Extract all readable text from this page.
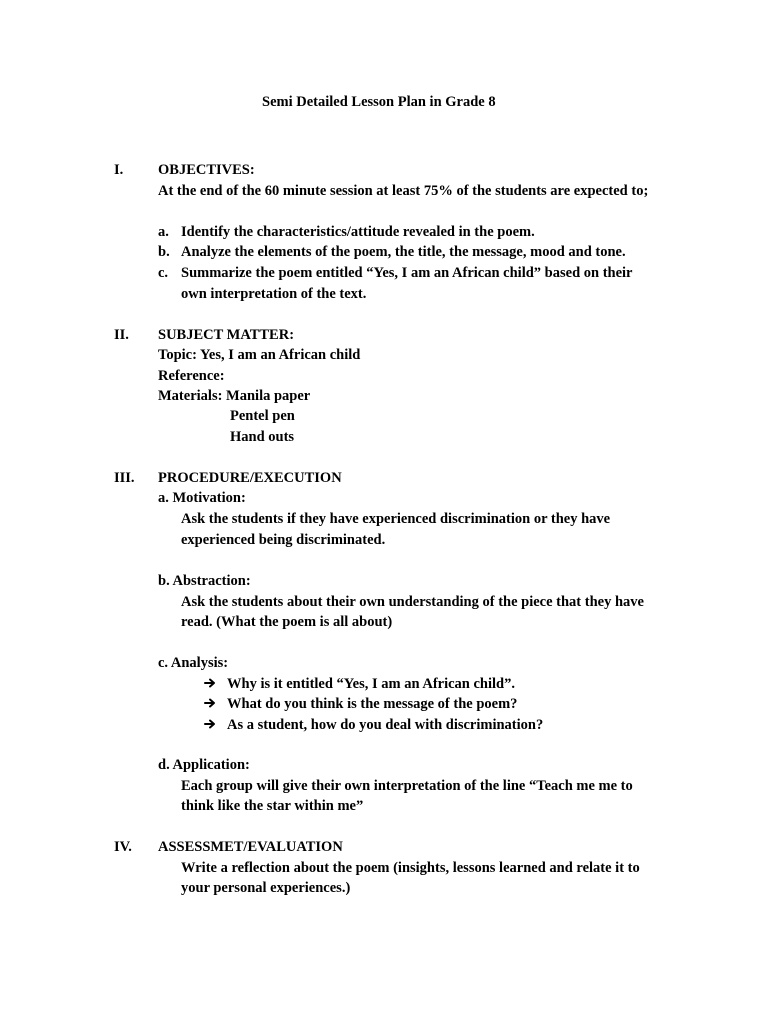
Semi Detailed Lesson Plan in Grade 8
I. OBJECTIVES:
At the end of the 60 minute session at least 75% of the students are expected to;
a. Identify the characteristics/attitude revealed in the poem.
b. Analyze the elements of the poem, the title, the message, mood and tone.
c. Summarize the poem entitled “Yes, I am an African child” based on their
own interpretation of the text.
II. SUBJECT MATTER:
Topic: Yes, I am an African child
Reference:
Materials: Manila paper
Pentel pen
Hand outs
III. PROCEDURE/EXECUTION
a. Motivation:
Ask the students if they have experienced discrimination or they have
experienced being discriminated.
b. Abstraction:
Ask the students about their own understanding of the piece that they have
read. (What the poem is all about)
c. Analysis:
Why is it entitled “Yes, I am an African child”.
What do you think is the message of the poem?
As a student, how do you deal with discrimination?
d. Application:
Each group will give their own interpretation of the line “Teach me me to
think like the star within me”
IV. ASSESSMET/EVALUATION
Write a reflection about the poem (insights, lessons learned and relate it to
your personal experiences.)
